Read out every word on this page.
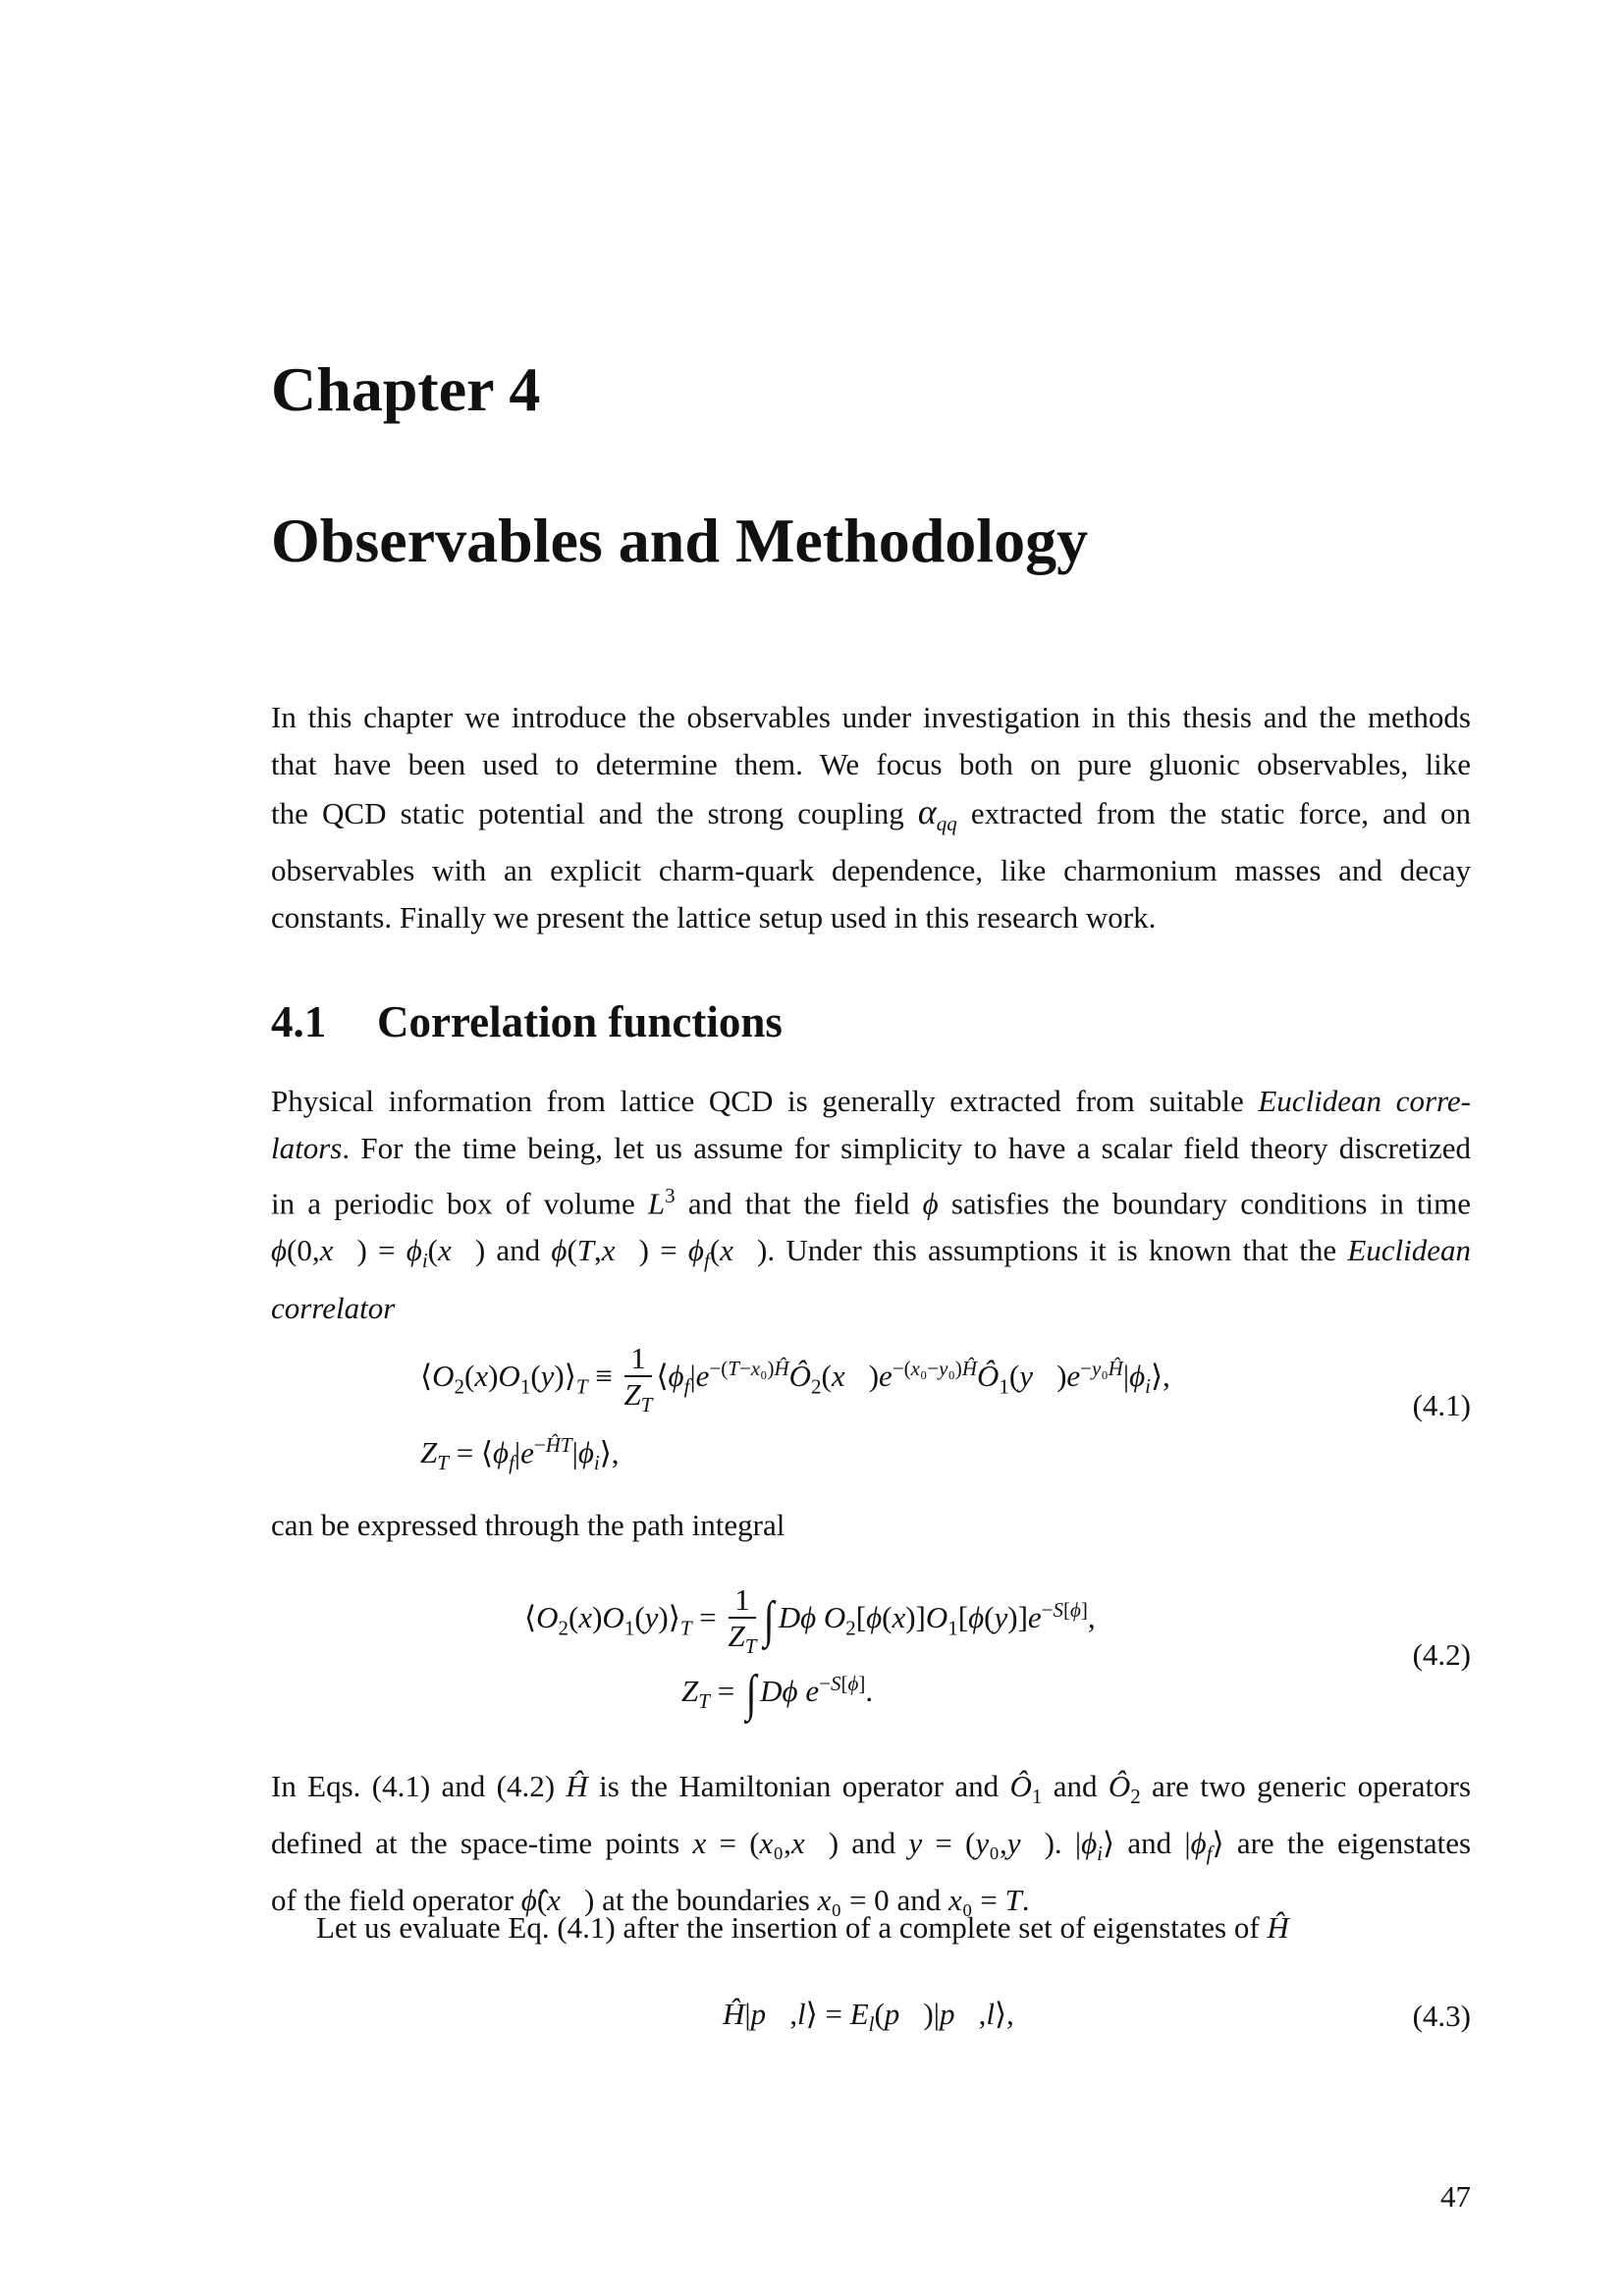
Chapter 4
Observables and Methodology
In this chapter we introduce the observables under investigation in this thesis and the methods
that have been used to determine them. We focus both on pure gluonic observables, like
the QCD static potential and the strong coupling $\alpha_{qq}$ extracted from the static force, and on
observables with an explicit charm-quark dependence, like charmonium masses and decay
constants. Finally we present the lattice setup used in this research work.
4.1 Correlation functions
Physical information from lattice QCD is generally extracted from suitable Euclidean corre-
lators. For the time being, let us assume for simplicity to have a scalar field theory discretized
in a periodic box of volume $L^3$ and that the field ϕ satisfies the boundary conditions in time
ϕ(0,x⃗) = $\phi_i(x⃗)$ and ϕ(T,x⃗) = $\phi_f(x⃗)$. Under this assumptions it is known that the Euclidean
correlator
$⟨O_2(x)O_1(y)⟩_T \equiv \frac{1}{Z_T}$ $⟨\phi_f|e^{-(T-x_0)Ĥ}Ô_2(x⃗)e^{-(x_0-y_0)Ĥ}Ô_1(y⃗)e^{-y_0Ĥ}|\phi_i⟩$,
$Z_T$ = $⟨\phi_f|e^{-ĤT}|\phi_i⟩$,
(4.1)
can be expressed through the path integral
$⟨O_2(x)O_1(y)⟩_T = \frac{1}{Z_T}$ ∫ Dϕ $O_2[\phi(x)]O_1[\phi(y)]e^{-S[\phi]}$,
$Z_T$ = ∫ Dϕ $e^{-S[\phi]}$.
(4.2)
In Eqs. (4.1) and (4.2) Ĥ is the Hamiltonian operator and $Ô_1$ and $Ô_2$ are two generic operators
defined at the space-time points x = (x₀,x⃗) and y = (y₀,y⃗). $|\phi_i⟩$ and $|\phi_f⟩$ are the eigenstates
of the field operator ϕ̂(x⃗) at the boundaries x₀ = 0 and x₀ = T.
Let us evaluate Eq. (4.1) after the insertion of a complete set of eigenstates of Ĥ
Ĥ|p⃗,l⟩ = $E_l(p⃗)|p⃗,l⟩$,	(4.3)
47
